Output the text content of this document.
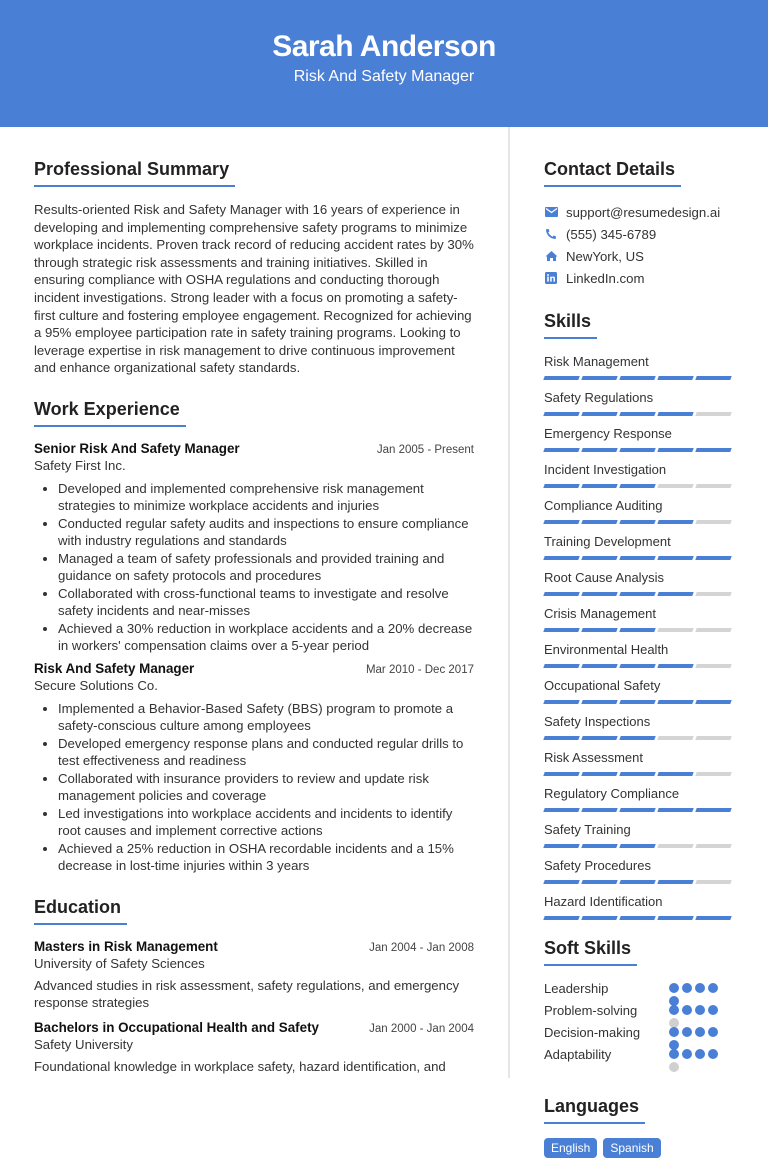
Sarah Anderson
Risk And Safety Manager
Professional Summary

Results-oriented Risk and Safety Manager with 16 years of experience in developing and implementing comprehensive safety programs to minimize workplace incidents. Proven track record of reducing accident rates by 30% through strategic risk assessments and training initiatives. Skilled in ensuring compliance with OSHA regulations and conducting thorough incident investigations. Strong leader with a focus on promoting a safety-first culture and fostering employee engagement. Recognized for achieving a 95% employee participation rate in safety training programs. Looking to leverage expertise in risk management to drive continuous improvement and enhance organizational safety standards.

Work Experience
Senior Risk And Safety Manager	Jan 2005 - Present
Safety First Inc.
• Developed and implemented comprehensive risk management strategies to minimize workplace accidents and injuries
• Conducted regular safety audits and inspections to ensure compliance with industry regulations and standards
• Managed a team of safety professionals and provided training and guidance on safety protocols and procedures
• Collaborated with cross-functional teams to investigate and resolve safety incidents and near-misses
• Achieved a 30% reduction in workplace accidents and a 20% decrease in workers' compensation claims over a 5-year period
Risk And Safety Manager	Mar 2010 - Dec 2017
Secure Solutions Co.
• Implemented a Behavior-Based Safety (BBS) program to promote a safety-conscious culture among employees
• Developed emergency response plans and conducted regular drills to test effectiveness and readiness
• Collaborated with insurance providers to review and update risk management policies and coverage
• Led investigations into workplace accidents and incidents to identify root causes and implement corrective actions
• Achieved a 25% reduction in OSHA recordable incidents and a 15% decrease in lost-time injuries within 3 years
Education
Masters in Risk Management	Jan 2004 - Jan 2008
University of Safety Sciences
Advanced studies in risk assessment, safety regulations, and emergency response strategies
Bachelors in Occupational Health and Safety	Jan 2000 - Jan 2004
Safety University
Foundational knowledge in workplace safety, hazard identification, and
Contact Details
support@resumedesign.ai
(555) 345-6789
NewYork, US
LinkedIn.com
Skills
Risk Management
Safety Regulations
Emergency Response
Incident Investigation
Compliance Auditing
Training Development
Root Cause Analysis
Crisis Management
Environmental Health
Occupational Safety
Safety Inspections
Risk Assessment
Regulatory Compliance
Safety Training
Safety Procedures
Hazard Identification
Soft Skills
Leadership
Problem-solving
Decision-making
Adaptability
Languages
English	Spanish
